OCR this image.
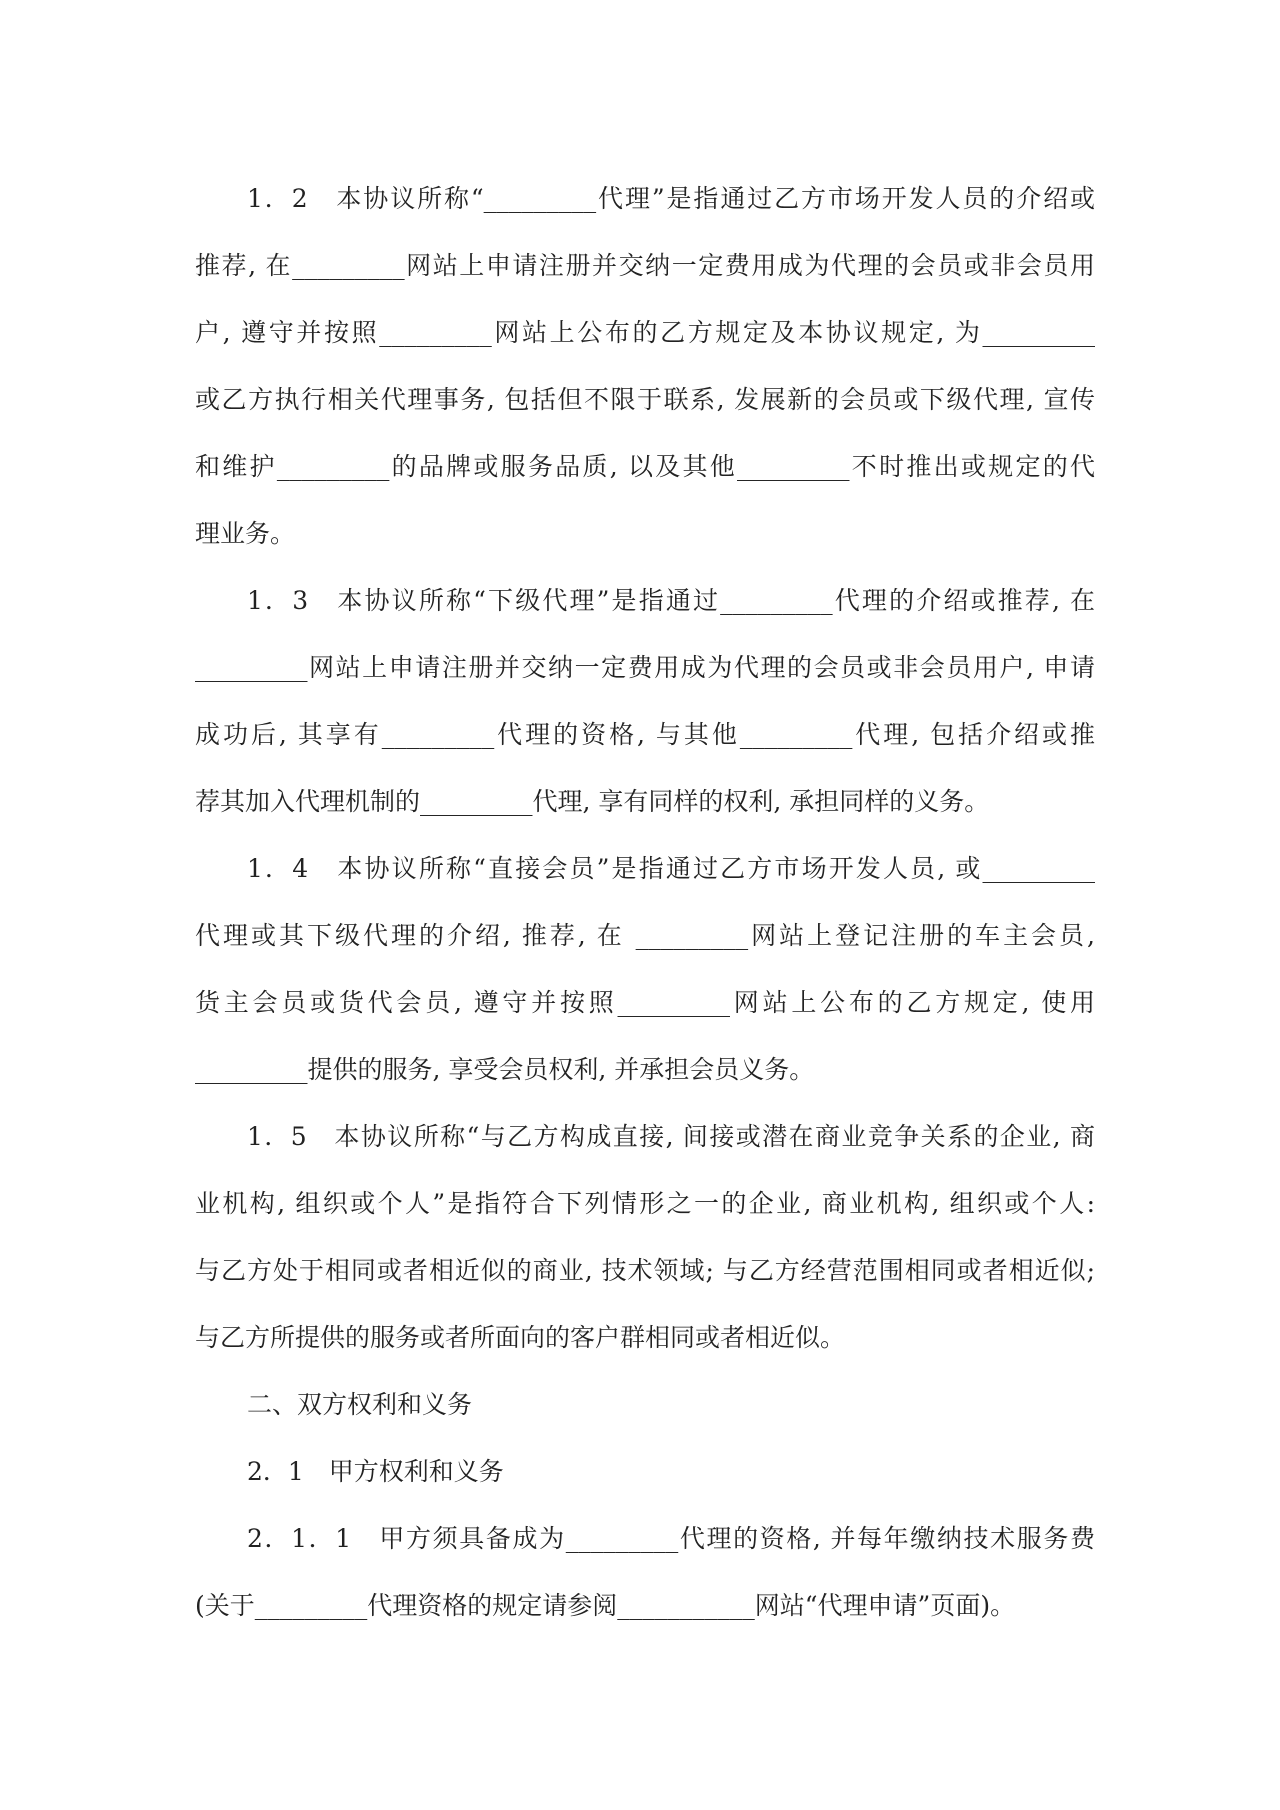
1．2　本协议所称“_________代理”是指通过乙方市场开发人员的介绍或
推荐, 在_________网站上申请注册并交纳一定费用成为代理的会员或非会员用
户, 遵守并按照_________网站上公布的乙方规定及本协议规定, 为_________
或乙方执行相关代理事务, 包括但不限于联系, 发展新的会员或下级代理, 宣传
和维护_________的品牌或服务品质, 以及其他_________不时推出或规定的代
理业务。
1．3　本协议所称“下级代理”是指通过_________代理的介绍或推荐, 在
_________网站上申请注册并交纳一定费用成为代理的会员或非会员用户, 申请
成功后, 其享有_________代理的资格, 与其他_________代理, 包括介绍或推
荐其加入代理机制的_________代理, 享有同样的权利, 承担同样的义务。
1．4　本协议所称“直接会员”是指通过乙方市场开发人员, 或_________
代理或其下级代理的介绍, 推荐, 在 _________网站上登记注册的车主会员,
货主会员或货代会员, 遵守并按照_________网站上公布的乙方规定, 使用
_________提供的服务, 享受会员权利, 并承担会员义务。
1．5　本协议所称“与乙方构成直接, 间接或潜在商业竞争关系的企业, 商
业机构, 组织或个人”是指符合下列情形之一的企业, 商业机构, 组织或个人:
与乙方处于相同或者相近似的商业, 技术领域; 与乙方经营范围相同或者相近似;
与乙方所提供的服务或者所面向的客户群相同或者相近似。
二、双方权利和义务
2．1　甲方权利和义务
2．1．1　甲方须具备成为_________代理的资格, 并每年缴纳技术服务费
(关于_________代理资格的规定请参阅___________网站“代理申请”页面)。
